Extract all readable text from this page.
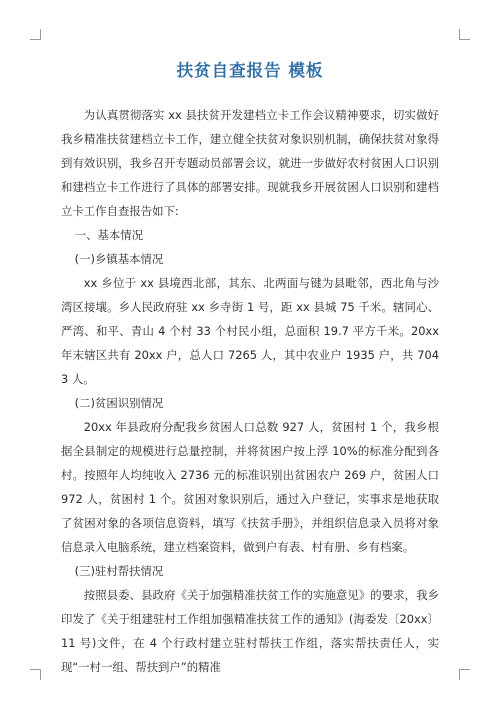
扶贫自查报告 模板

为认真贯彻落实 xx 县扶贫开发建档立卡工作会议精神要求，切实做好我乡精准扶贫建档立卡工作，建立健全扶贫对象识别机制，确保扶贫对象得到有效识别，我乡召开专题动员部署会议，就进一步做好农村贫困人口识别和建档立卡工作进行了具体的部署安排。现就我乡开展贫困人口识别和建档立卡工作自查报告如下:

一、基本情况

(一)乡镇基本情况

xx 乡位于 xx 县境西北部，其东、北两面与键为县毗邻，西北角与沙湾区接壤。乡人民政府驻 xx 乡寺街 1 号，距 xx 县城 75 千米。辖同心、严湾、和平、青山 4 个村 33 个村民小组，总面积 19.7 平方千米。20xx 年末辖区共有 20xx 户，总人口 7265 人，其中农业户 1935 户，共 7043 人。

(二)贫困识别情况

20xx 年县政府分配我乡贫困人口总数 927 人，贫困村 1 个，我乡根据全县制定的规模进行总量控制，并将贫困户按上浮 10%的标准分配到各村。按照年人均纯收入 2736 元的标准识别出贫困农户 269 户，贫困人口 972 人，贫困村 1 个。贫困对象识别后，通过入户登记，实事求是地获取了贫困对象的各项信息资料，填写《扶贫手册》，并组织信息录入员将对象信息录入电脑系统，建立档案资料，做到户有表、村有册、乡有档案。

(三)驻村帮扶情况

按照县委、县政府《关于加强精准扶贫工作的实施意见》的要求，我乡印发了《关于组建驻村工作组加强精准扶贫工作的通知》(海委发〔20xx〕11 号)文件，在 4 个行政村建立驻村帮扶工作组，落实帮扶责任人，实现“一村一组、帮扶到户”的精准
